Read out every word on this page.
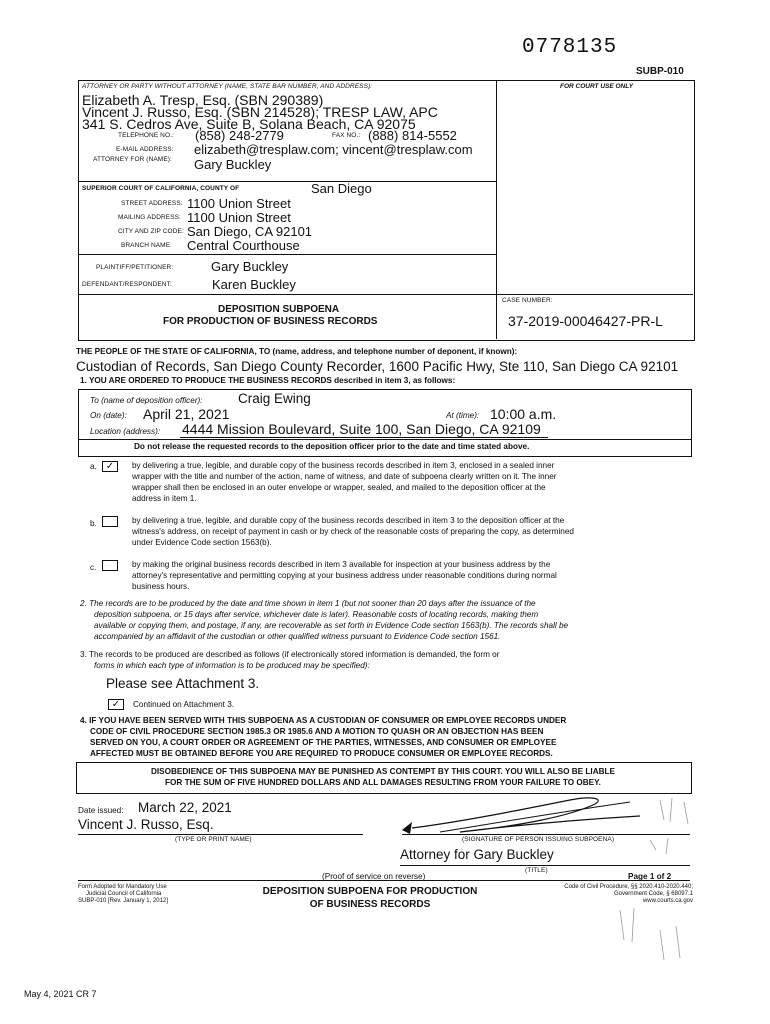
0778135
SUBP-010
ATTORNEY OR PARTY WITHOUT ATTORNEY (NAME, STATE BAR NUMBER, AND ADDRESS):	FOR COURT USE ONLY
Elizabeth A. Tresp, Esq. (SBN 290389)
Vincent J. Russo, Esq. (SBN 214528); TRESP LAW, APC
341 S. Cedros Ave, Suite B, Solana Beach, CA 92075
TELEPHONE NO.: (858) 248-2779	FAX NO.: (888) 814-5552
E-MAIL ADDRESS: elizabeth@tresplaw.com; vincent@tresplaw.com
ATTORNEY FOR (NAME): Gary Buckley
SUPERIOR COURT OF CALIFORNIA, COUNTY OF	San Diego
STREET ADDRESS: 1100 Union Street
MAILING ADDRESS: 1100 Union Street
CITY AND ZIP CODE: San Diego, CA 92101
BRANCH NAME: Central Courthouse
PLAINTIFF/PETITIONER:	Gary Buckley
DEFENDANT/RESPONDENT:	Karen Buckley
DEPOSITION SUBPOENA
FOR PRODUCTION OF BUSINESS RECORDS
CASE NUMBER:
37-2019-00046427-PR-L
THE PEOPLE OF THE STATE OF CALIFORNIA, TO (name, address, and telephone number of deponent, if known):
Custodian of Records, San Diego County Recorder, 1600 Pacific Hwy, Ste 110, San Diego CA 92101
1. YOU ARE ORDERED TO PRODUCE THE BUSINESS RECORDS described in item 3, as follows:
To (name of deposition officer):	Craig Ewing
On (date): April 21, 2021	At (time): 10:00 a.m.
Location (address): 4444 Mission Boulevard, Suite 100, San Diego, CA 92109
Do not release the requested records to the deposition officer prior to the date and time stated above.
a. ✓	by delivering a true, legible, and durable copy of the business records described in item 3, enclosed in a sealed inner
wrapper with the title and number of the action, name of witness, and date of subpoena clearly written on it. The inner
wrapper shall then be enclosed in an outer envelope or wrapper, sealed, and mailed to the deposition officer at the
address in item 1.
b.	by delivering a true, legible, and durable copy of the business records described in item 3 to the deposition officer at the
witness's address, on receipt of payment in cash or by check of the reasonable costs of preparing the copy, as determined
under Evidence Code section 1563(b).
c.	by making the original business records described in item 3 available for inspection at your business address by the
attorney's representative and permitting copying at your business address under reasonable conditions during normal
business hours.
2. The records are to be produced by the date and time shown in item 1 (but not sooner than 20 days after the issuance of the
deposition subpoena, or 15 days after service, whichever date is later). Reasonable costs of locating records, making them
available or copying them, and postage, if any, are recoverable as set forth in Evidence Code section 1563(b). The records shall be
accompanied by an affidavit of the custodian or other qualified witness pursuant to Evidence Code section 1561.
3. The records to be produced are described as follows (if electronically stored information is demanded, the form or
forms in which each type of information is to be produced may be specified):
Please see Attachment 3.
✓	Continued on Attachment 3.
4. IF YOU HAVE BEEN SERVED WITH THIS SUBPOENA AS A CUSTODIAN OF CONSUMER OR EMPLOYEE RECORDS UNDER
CODE OF CIVIL PROCEDURE SECTION 1985.3 OR 1985.6 AND A MOTION TO QUASH OR AN OBJECTION HAS BEEN
SERVED ON YOU, A COURT ORDER OR AGREEMENT OF THE PARTIES, WITNESSES, AND CONSUMER OR EMPLOYEE
AFFECTED MUST BE OBTAINED BEFORE YOU ARE REQUIRED TO PRODUCE CONSUMER OR EMPLOYEE RECORDS.
DISOBEDIENCE OF THIS SUBPOENA MAY BE PUNISHED AS CONTEMPT BY THIS COURT. YOU WILL ALSO BE LIABLE
FOR THE SUM OF FIVE HUNDRED DOLLARS AND ALL DAMAGES RESULTING FROM YOUR FAILURE TO OBEY.
Date issued: March 22, 2021
Vincent J. Russo, Esq.
(TYPE OR PRINT NAME)	(SIGNATURE OF PERSON ISSUING SUBPOENA)
Attorney for Gary Buckley
(TITLE)
(Proof of service on reverse)	Page 1 of 2
Form Adopted for Mandatory Use
Judicial Council of California
SUBP-010 [Rev. January 1, 2012]
DEPOSITION SUBPOENA FOR PRODUCTION
OF BUSINESS RECORDS
Code of Civil Procedure, §§ 2020.410-2020.440;
Government Code, § 68097.1
www.courts.ca.gov
May 4, 2021 CR 7
